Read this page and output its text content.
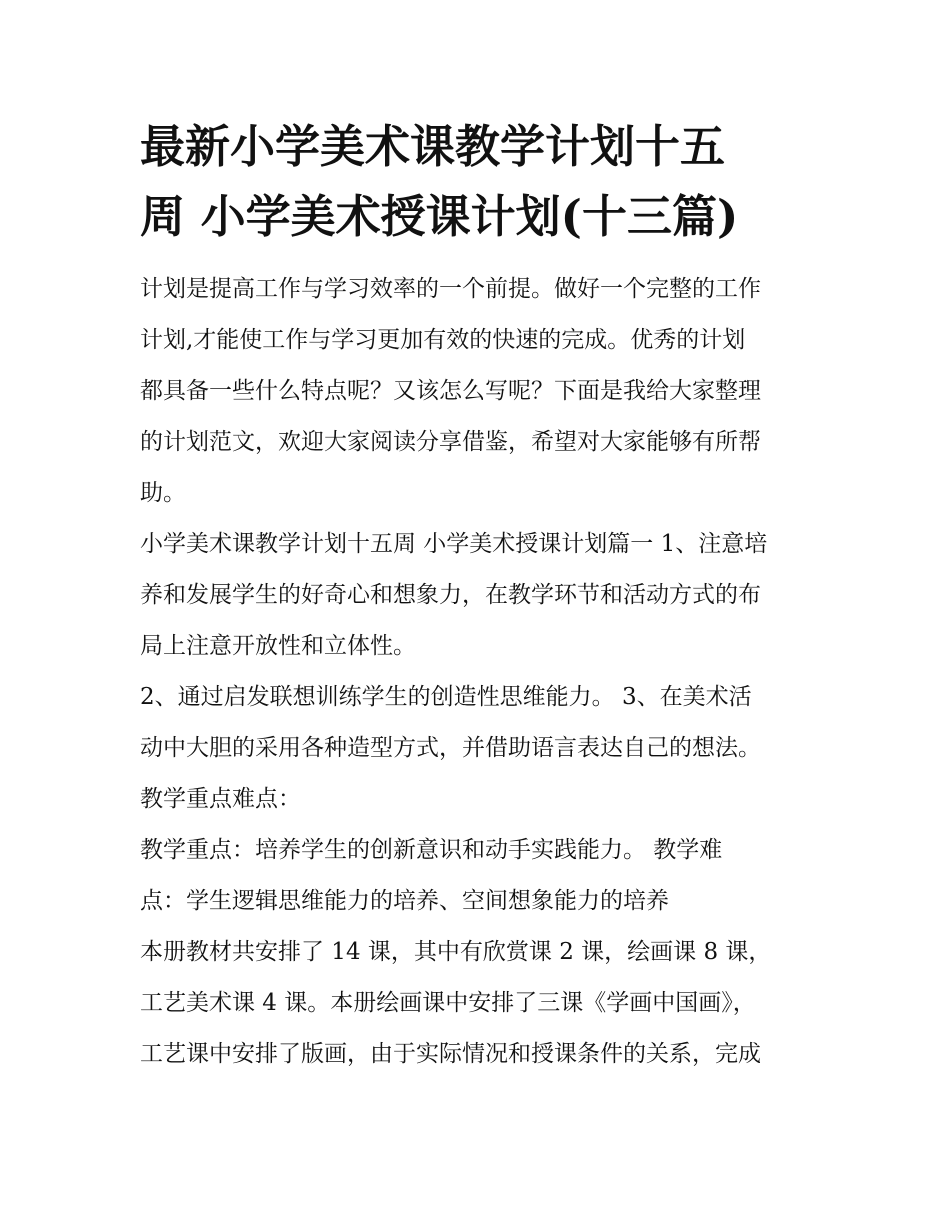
最新小学美术课教学计划十五
周 小学美术授课计划(十三篇)
计划是提高工作与学习效率的一个前提。做好一个完整的工作
计划,才能使工作与学习更加有效的快速的完成。优秀的计划
都具备一些什么特点呢？又该怎么写呢？下面是我给大家整理
的计划范文，欢迎大家阅读分享借鉴，希望对大家能够有所帮
助。
小学美术课教学计划十五周 小学美术授课计划篇一 1、注意培
养和发展学生的好奇心和想象力，在教学环节和活动方式的布
局上注意开放性和立体性。
2、通过启发联想训练学生的创造性思维能力。 3、在美术活
动中大胆的采用各种造型方式，并借助语言表达自己的想法。
教学重点难点：
教学重点：培养学生的创新意识和动手实践能力。 教学难
点：学生逻辑思维能力的培养、空间想象能力的培养
本册教材共安排了 14 课，其中有欣赏课 2 课，绘画课 8 课，
工艺美术课 4 课。本册绘画课中安排了三课《学画中国画》，
工艺课中安排了版画，由于实际情况和授课条件的关系，完成
